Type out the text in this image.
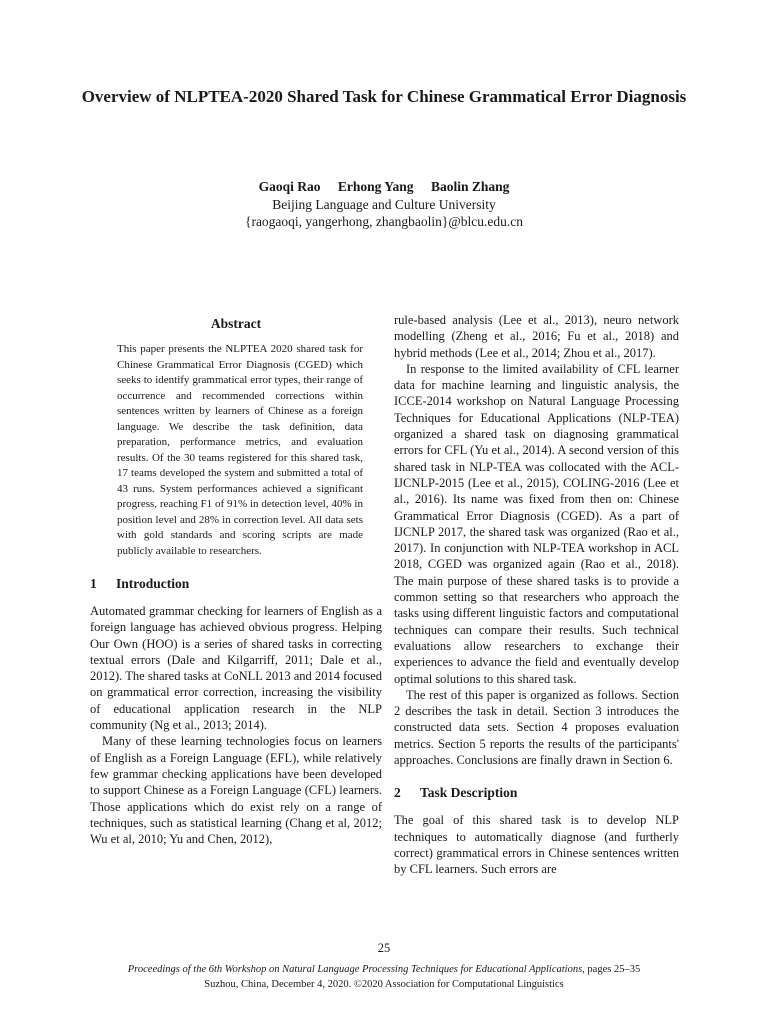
Overview of NLPTEA-2020 Shared Task for Chinese Grammatical Error Diagnosis
Gaoqi Rao Erhong Yang Baolin Zhang
Beijing Language and Culture University
{raogaoqi, yangerhong, zhangbaolin}@blcu.edu.cn
Abstract

This paper presents the NLPTEA 2020 shared task for Chinese Grammatical Error Diagnosis (CGED) which seeks to identify grammatical error types, their range of occurrence and recommended corrections within sentences written by learners of Chinese as a foreign language. We describe the task definition, data preparation, performance metrics, and evaluation results. Of the 30 teams registered for this shared task, 17 teams developed the system and submitted a total of 43 runs. System performances achieved a significant progress, reaching F1 of 91% in detection level, 40% in position level and 28% in correction level. All data sets with gold standards and scoring scripts are made publicly available to researchers.

1 Introduction

Automated grammar checking for learners of English as a foreign language has achieved obvious progress. Helping Our Own (HOO) is a series of shared tasks in correcting textual errors (Dale and Kilgarriff, 2011; Dale et al., 2012). The shared tasks at CoNLL 2013 and 2014 focused on grammatical error correction, increasing the visibility of educational application research in the NLP community (Ng et al., 2013; 2014).

Many of these learning technologies focus on learners of English as a Foreign Language (EFL), while relatively few grammar checking applications have been developed to support Chinese as a Foreign Language (CFL) learners. Those applications which do exist rely on a range of techniques, such as statistical learning (Chang et al, 2012; Wu et al, 2010; Yu and Chen, 2012),

rule-based analysis (Lee et al., 2013), neuro network modelling (Zheng et al., 2016; Fu et al., 2018) and hybrid methods (Lee et al., 2014; Zhou et al., 2017).

In response to the limited availability of CFL learner data for machine learning and linguistic analysis, the ICCE-2014 workshop on Natural Language Processing Techniques for Educational Applications (NLP-TEA) organized a shared task on diagnosing grammatical errors for CFL (Yu et al., 2014). A second version of this shared task in NLP-TEA was collocated with the ACL-IJCNLP-2015 (Lee et al., 2015), COLING-2016 (Lee et al., 2016). Its name was fixed from then on: Chinese Grammatical Error Diagnosis (CGED). As a part of IJCNLP 2017, the shared task was organized (Rao et al., 2017). In conjunction with NLP-TEA workshop in ACL 2018, CGED was organized again (Rao et al., 2018). The main purpose of these shared tasks is to provide a common setting so that researchers who approach the tasks using different linguistic factors and computational techniques can compare their results. Such technical evaluations allow researchers to exchange their experiences to advance the field and eventually develop optimal solutions to this shared task.

The rest of this paper is organized as follows. Section 2 describes the task in detail. Section 3 introduces the constructed data sets. Section 4 proposes evaluation metrics. Section 5 reports the results of the participants' approaches. Conclusions are finally drawn in Section 6.

2 Task Description

The goal of this shared task is to develop NLP techniques to automatically diagnose (and furtherly correct) grammatical errors in Chinese sentences written by CFL learners. Such errors are

25
Proceedings of the 6th Workshop on Natural Language Processing Techniques for Educational Applications, pages 25–35
Suzhou, China, December 4, 2020. ©2020 Association for Computational Linguistics
